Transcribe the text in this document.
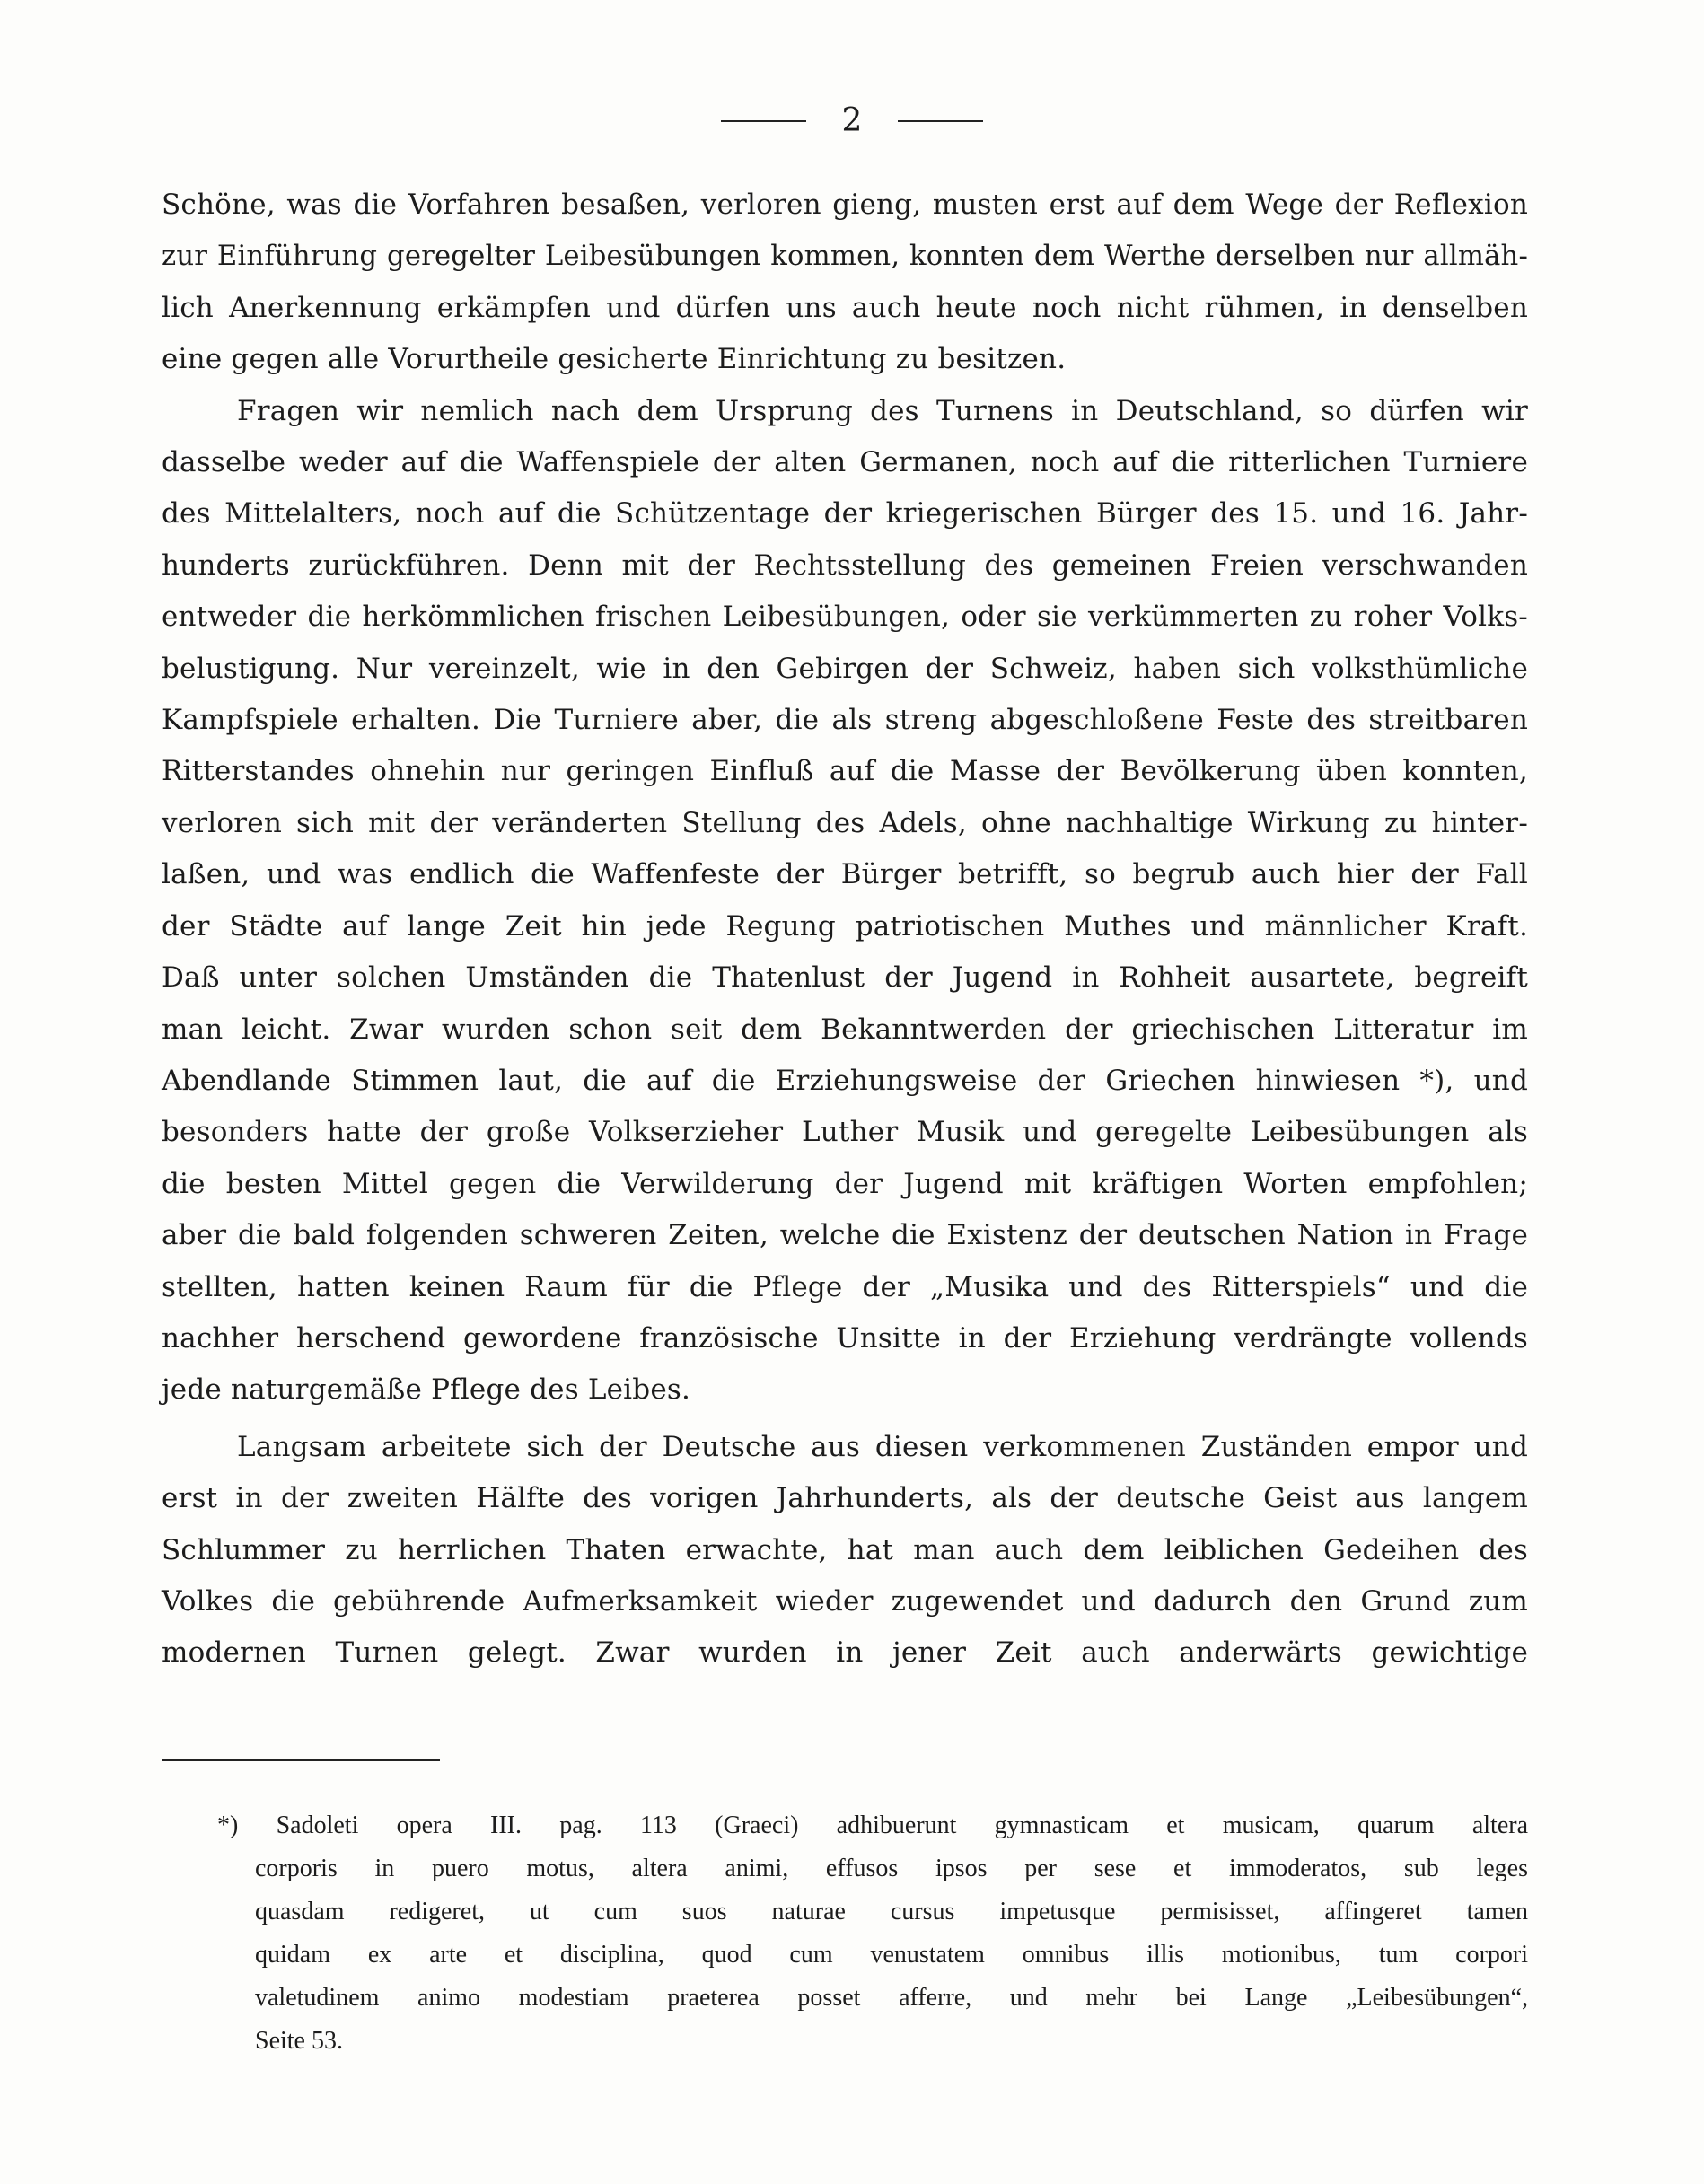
2

Schöne, was die Vorfahren besaßen, verloren gieng, musten erst auf dem Wege der Reflexion
zur Einführung geregelter Leibesübungen kommen, konnten dem Werthe derselben nur allmäh-
lich Anerkennung erkämpfen und dürfen uns auch heute noch nicht rühmen, in denselben
eine gegen alle Vorurtheile gesicherte Einrichtung zu besitzen.

Fragen wir nemlich nach dem Ursprung des Turnens in Deutschland, so dürfen wir
dasselbe weder auf die Waffenspiele der alten Germanen, noch auf die ritterlichen Turniere
des Mittelalters, noch auf die Schützentage der kriegerischen Bürger des 15. und 16. Jahr-
hunderts zurückführen. Denn mit der Rechtsstellung des gemeinen Freien verschwanden
entweder die herkömmlichen frischen Leibesübungen, oder sie verkümmerten zu roher Volks-
belustigung. Nur vereinzelt, wie in den Gebirgen der Schweiz, haben sich volksthümliche
Kampfspiele erhalten. Die Turniere aber, die als streng abgeschloßene Feste des streitbaren
Ritterstandes ohnehin nur geringen Einfluß auf die Masse der Bevölkerung üben konnten,
verloren sich mit der veränderten Stellung des Adels, ohne nachhaltige Wirkung zu hinter-
laßen, und was endlich die Waffenfeste der Bürger betrifft, so begrub auch hier der Fall
der Städte auf lange Zeit hin jede Regung patriotischen Muthes und männlicher Kraft.
Daß unter solchen Umständen die Thatenlust der Jugend in Rohheit ausartete, begreift
man leicht. Zwar wurden schon seit dem Bekanntwerden der griechischen Litteratur im
Abendlande Stimmen laut, die auf die Erziehungsweise der Griechen hinwiesen *), und
besonders hatte der große Volkserzieher Luther Musik und geregelte Leibesübungen als
die besten Mittel gegen die Verwilderung der Jugend mit kräftigen Worten empfohlen;
aber die bald folgenden schweren Zeiten, welche die Existenz der deutschen Nation in Frage
stellten, hatten keinen Raum für die Pflege der „Musika und des Ritterspiels“ und die
nachher herschend gewordene französische Unsitte in der Erziehung verdrängte vollends
jede naturgemäße Pflege des Leibes.

Langsam arbeitete sich der Deutsche aus diesen verkommenen Zuständen empor und
erst in der zweiten Hälfte des vorigen Jahrhunderts, als der deutsche Geist aus langem
Schlummer zu herrlichen Thaten erwachte, hat man auch dem leiblichen Gedeihen des
Volkes die gebührende Aufmerksamkeit wieder zugewendet und dadurch den Grund zum
modernen Turnen gelegt. Zwar wurden in jener Zeit auch anderwärts gewichtige

*) Sadoleti opera III. pag. 113 (Graeci) adhibuerunt gymnasticam et musicam, quarum altera
corporis in puero motus, altera animi, effusos ipsos per sese et immoderatos, sub leges
quasdam redigeret, ut cum suos naturae cursus impetusque permisisset, affingeret tamen
quidam ex arte et disciplina, quod cum venustatem omnibus illis motionibus, tum corpori
valetudinem animo modestiam praeterea posset afferre, und mehr bei Lange „Leibesübungen“,
Seite 53.
